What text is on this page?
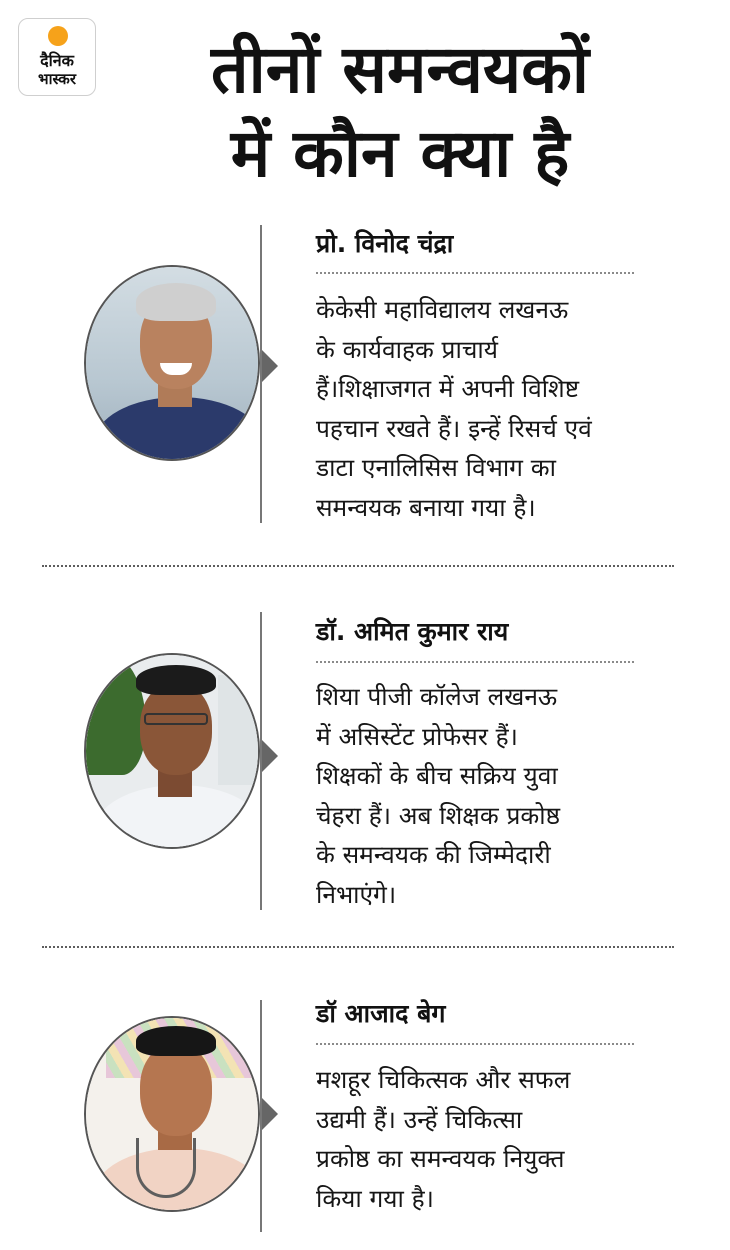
दैनिक
भास्कर	तीनों समन्वयकों
में कौन क्या है
प्रो. विनोद चंद्रा

केकेसी महाविद्यालय लखनऊ
के कार्यवाहक प्राचार्य
हैं।शिक्षाजगत में अपनी विशिष्ट
पहचान रखते हैं। इन्हें रिसर्च एवं
डाटा एनालिसिस विभाग का
समन्वयक बनाया गया है।

डॉ. अमित कुमार राय

शिया पीजी कॉलेज लखनऊ
में असिस्टेंट प्रोफेसर हैं।
शिक्षकों के बीच सक्रिय युवा
चेहरा हैं। अब शिक्षक प्रकोष्ठ
के समन्वयक की जिम्मेदारी
निभाएंगे।

डॉ आजाद बेग

मशहूर चिकित्सक और सफल
उद्यमी हैं। उन्हें चिकित्सा
प्रकोष्ठ का समन्वयक नियुक्त
किया गया है।
